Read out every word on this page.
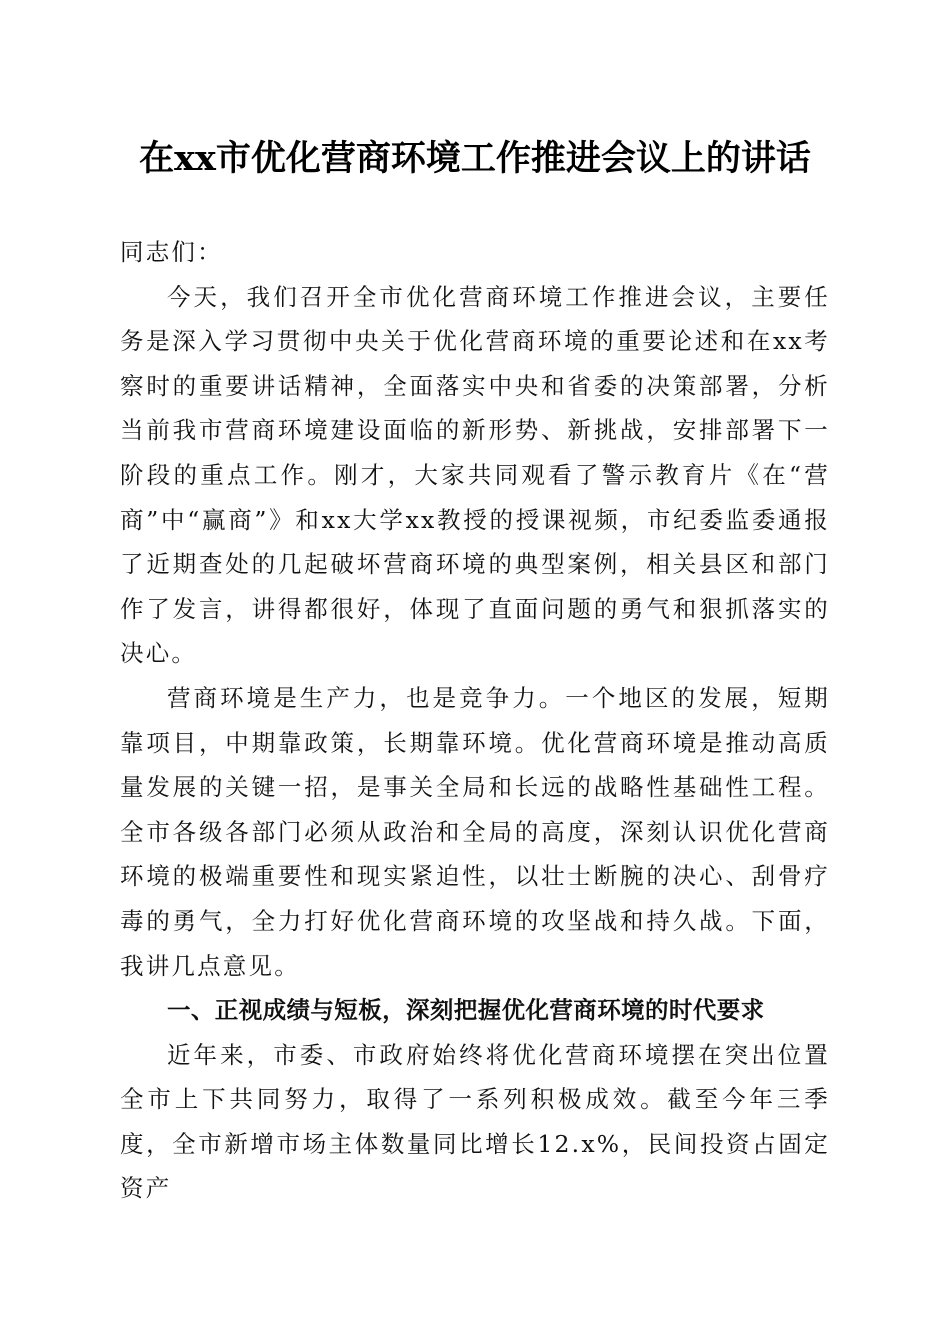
在xx市优化营商环境工作推进会议上的讲话

同志们：

今天，我们召开全市优化营商环境工作推进会议，主要任务是深入学习贯彻中央关于优化营商环境的重要论述和在xx考察时的重要讲话精神，全面落实中央和省委的决策部署，分析当前我市营商环境建设面临的新形势、新挑战，安排部署下一阶段的重点工作。刚才，大家共同观看了警示教育片《在“营商”中“赢商”》和xx大学xx教授的授课视频，市纪委监委通报了近期查处的几起破坏营商环境的典型案例，相关县区和部门作了发言，讲得都很好，体现了直面问题的勇气和狠抓落实的决心。

营商环境是生产力，也是竞争力。一个地区的发展，短期靠项目，中期靠政策，长期靠环境。优化营商环境是推动高质量发展的关键一招，是事关全局和长远的战略性基础性工程。全市各级各部门必须从政治和全局的高度，深刻认识优化营商环境的极端重要性和现实紧迫性，以壮士断腕的决心、刮骨疗毒的勇气，全力打好优化营商环境的攻坚战和持久战。下面，我讲几点意见。

一、正视成绩与短板，深刻把握优化营商环境的时代要求

近年来，市委、市政府始终将优化营商环境摆在突出位置全市上下共同努力，取得了一系列积极成效。截至今年三季度，全市新增市场主体数量同比增长12.x%，民间投资占固定资产
